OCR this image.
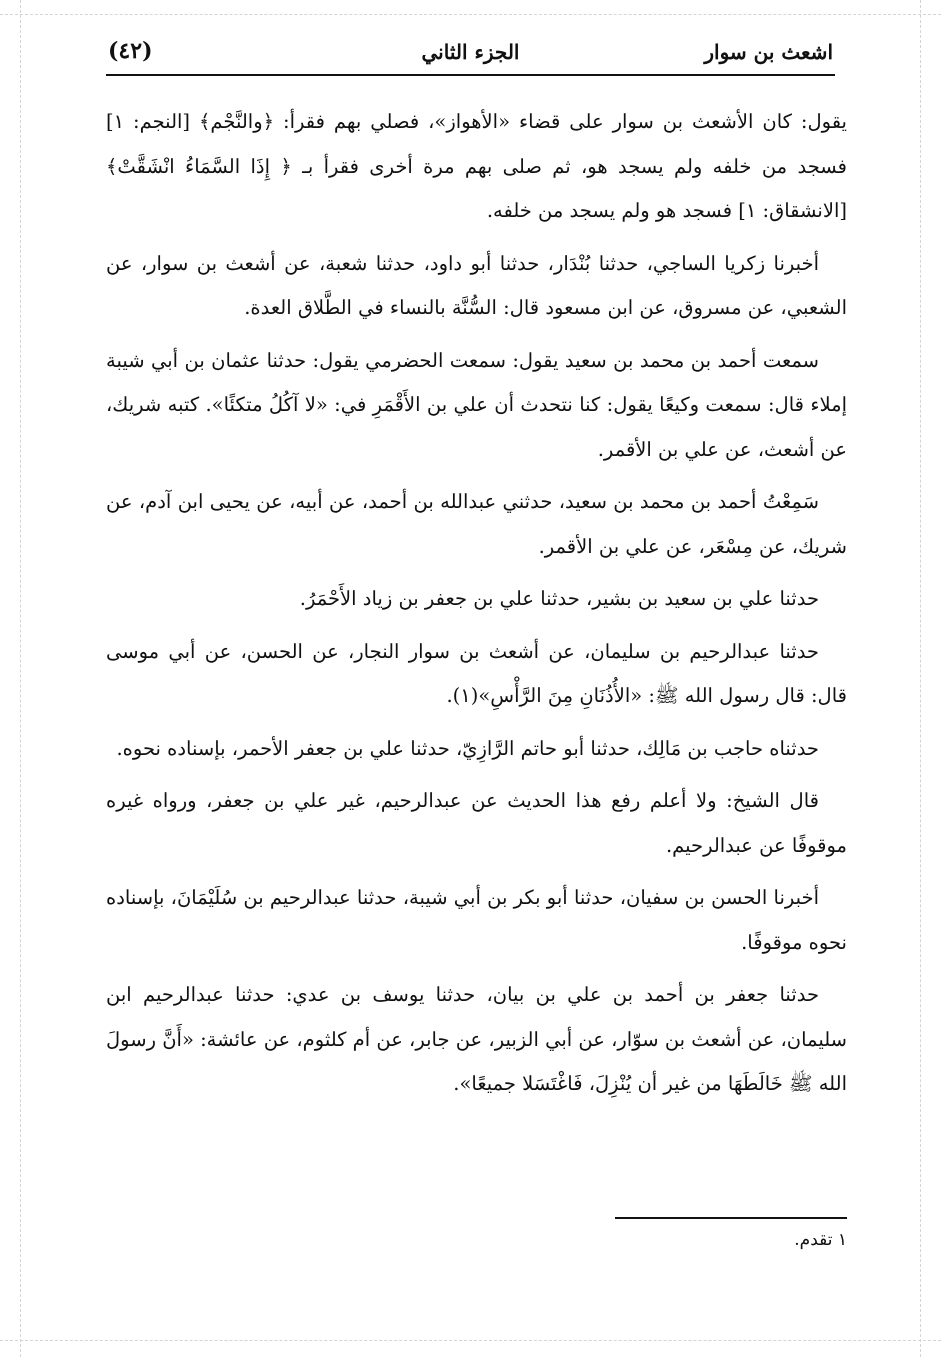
اشعث بن سوار
الجزء الثاني
(٤٢)

يقول: كان الأشعث بن سوار على قضاء «الأهواز»، فصلي بهم فقرأ: ﴿والنَّجْم﴾ [النجم: ١] فسجد من خلفه ولم يسجد هو، ثم صلى بهم مرة أخرى فقرأ بـ ﴿ إِذَا السَّمَاءُ انْشَقَّتْ﴾ [الانشقاق: ١] فسجد هو ولم يسجد من خلفه.

أخبرنا زكريا الساجي، حدثنا بُنْدَار، حدثنا أبو داود، حدثنا شعبة، عن أشعث بن سوار، عن الشعبي، عن مسروق، عن ابن مسعود قال: السُّنَّة بالنساء في الطَّلاق العدة.

سمعت أحمد بن محمد بن سعيد يقول: سمعت الحضرمي يقول: حدثنا عثمان بن أبي شيبة إملاء قال: سمعت وكيعًا يقول: كنا نتحدث أن علي بن الأَقْمَرِ في: «لا آكُلُ متكئًا». كتبه شريك، عن أشعث، عن علي بن الأقمر.

سَمِعْتُ أحمد بن محمد بن سعيد، حدثني عبدالله بن أحمد، عن أبيه، عن يحيى ابن آدم، عن شريك، عن مِسْعَر، عن علي بن الأقمر.

حدثنا علي بن سعيد بن بشير، حدثنا علي بن جعفر بن زياد الأَحْمَرُ.

حدثنا عبدالرحيم بن سليمان، عن أشعث بن سوار النجار، عن الحسن، عن أبي موسى قال: قال رسول الله ﷺ: «الأُذُنَانِ مِنَ الرَّأْسِ»(١).

حدثناه حاجب بن مَالِك، حدثنا أبو حاتم الرَّازِيّ، حدثنا علي بن جعفر الأحمر، بإسناده نحوه.

قال الشيخ: ولا أعلم رفع هذا الحديث عن عبدالرحيم، غير علي بن جعفر، ورواه غيره موقوفًا عن عبدالرحيم.

أخبرنا الحسن بن سفيان، حدثنا أبو بكر بن أبي شيبة، حدثنا عبدالرحيم بن سُلَيْمَانَ، بإسناده نحوه موقوفًا.

حدثنا جعفر بن أحمد بن علي بن بيان، حدثنا يوسف بن عدي: حدثنا عبدالرحيم ابن سليمان، عن أشعث بن سوّار، عن أبي الزبير، عن جابر، عن أم كلثوم، عن عائشة: «أَنَّ رسولَ الله ﷺ خَالَطَهَا من غير أن يُنْزِلَ، فَاغْتَسَلا جميعًا».

١ تقدم.
